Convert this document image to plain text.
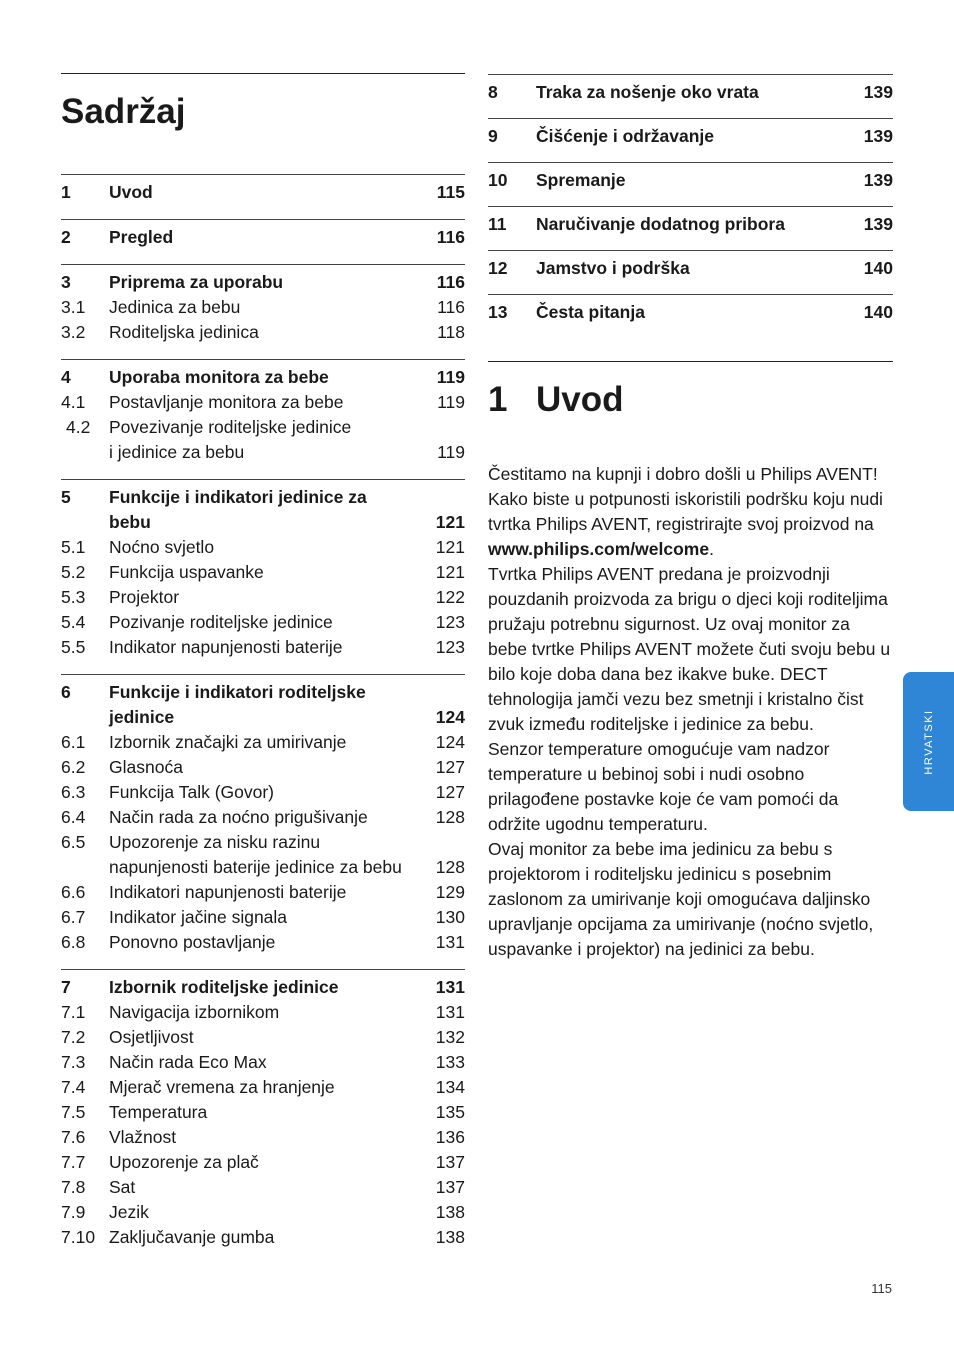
Sadržaj
1	Uvod	115
2	Pregled	116
3	Priprema za uporabu	116
3.1	Jedinica za bebu	116
3.2	Roditeljska jedinica	118
4	Uporaba monitora za bebe	119
4.1	Postavljanje monitora za bebe	119
4.2	Povezivanje roditeljske jedinice
i jedinice za bebu	119
5	Funkcije i indikatori jedinice za
bebu	121
5.1	Noćno svjetlo	121
5.2	Funkcija uspavanke	121
5.3	Projektor	122
5.4	Pozivanje roditeljske jedinice	123
5.5	Indikator napunjenosti baterije	123
6	Funkcije i indikatori roditeljske
jedinice	124
6.1	Izbornik značajki za umirivanje	124
6.2	Glasnoća	127
6.3	Funkcija Talk (Govor)	127
6.4	Način rada za noćno prigušivanje	128
6.5	Upozorenje za nisku razinu
napunjenosti baterije jedinice za bebu	128
6.6	Indikatori napunjenosti baterije	129
6.7	Indikator jačine signala	130
6.8	Ponovno postavljanje	131
7	Izbornik roditeljske jedinice	131
7.1	Navigacija izbornikom	131
7.2	Osjetljivost	132
7.3	Način rada Eco Max	133
7.4	Mjerač vremena za hranjenje	134
7.5	Temperatura	135
7.6	Vlažnost	136
7.7	Upozorenje za plač	137
7.8	Sat	137
7.9	Jezik	138
7.10 Zaključavanje gumba	138
8	Traka za nošenje oko vrata	139
9	Čišćenje i održavanje	139
10	Spremanje	139
11	Naručivanje dodatnog pribora	139
12	Jamstvo i podrška	140
13	Česta pitanja	140
1 Uvod

Čestitamo na kupnji i dobro došli u Philips AVENT! Kako biste u potpunosti iskoristili podršku koju nudi tvrtka Philips AVENT, registrirajte svoj proizvod na www.philips.com/welcome.

Tvrtka Philips AVENT predana je proizvodnji pouzdanih proizvoda za brigu o djeci koji roditeljima pružaju potrebnu sigurnost. Uz ovaj monitor za bebe tvrtke Philips AVENT možete čuti svoju bebu u bilo koje doba dana bez ikakve buke. DECT tehnologija jamči vezu bez smetnji i kristalno čist zvuk između roditeljske i jedinice za bebu.

Senzor temperature omogućuje vam nadzor temperature u bebinoj sobi i nudi osobno prilagođene postavke koje će vam pomoći da održite ugodnu temperaturu.

Ovaj monitor za bebe ima jedinicu za bebu s projektorom i roditeljsku jedinicu s posebnim zaslonom za umirivanje koji omogućava daljinsko upravljanje opcijama za umirivanje (noćno svjetlo, uspavanke i projektor) na jedinici za bebu.

HRVATSKI
115
